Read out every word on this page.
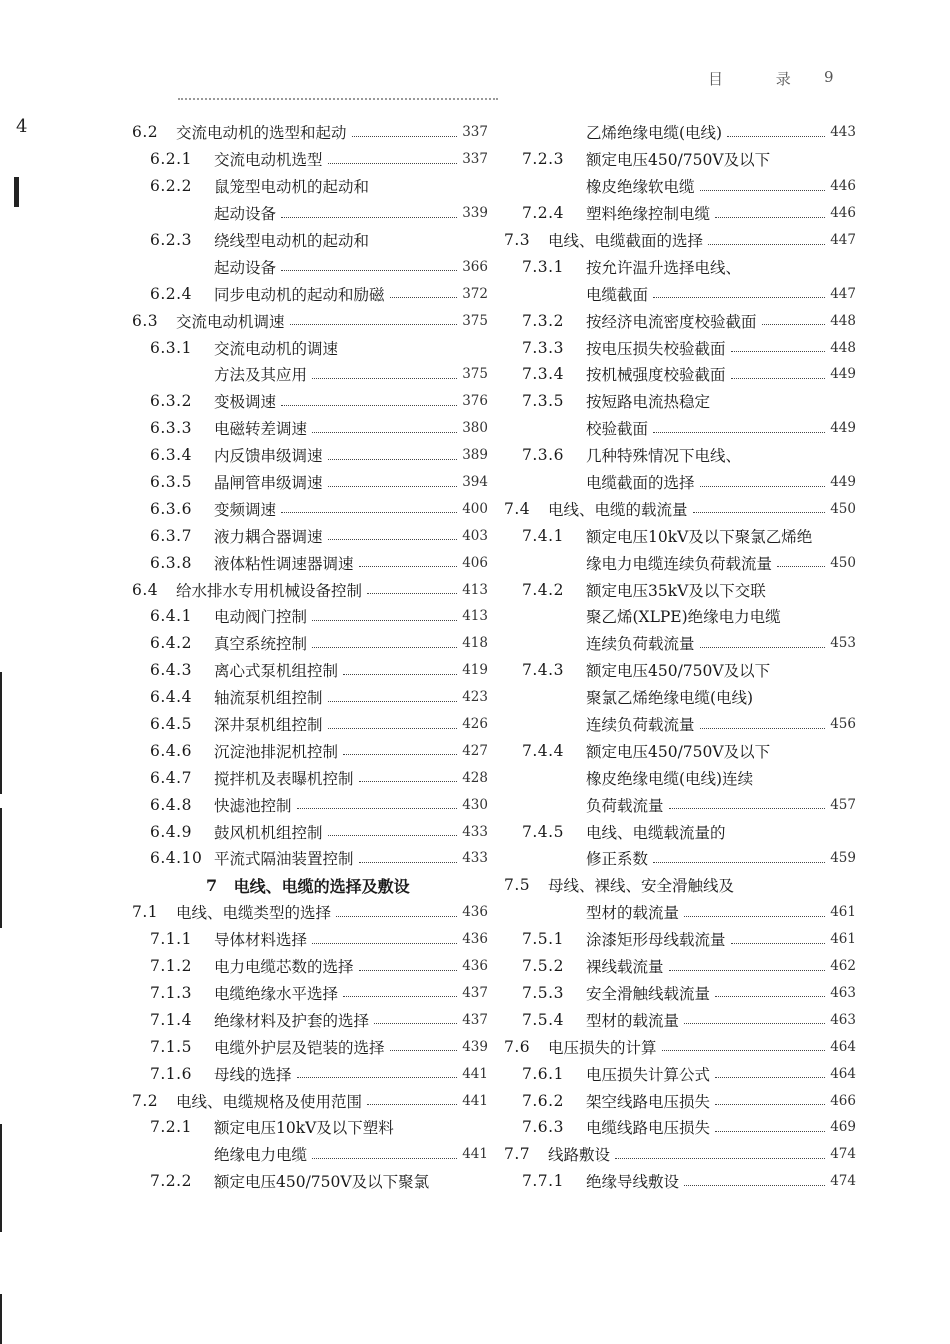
目 录 9
4	6.2	交流电动机的选型和起动	337
6.2.1	交流电动机选型	337
6.2.2	鼠笼型电动机的起动和
起动设备	339
6.2.3	绕线型电动机的起动和
起动设备	366
6.2.4	同步电动机的起动和励磁	372
6.3	交流电动机调速	375
6.3.1	交流电动机的调速
方法及其应用	375
6.3.2	变极调速	376
6.3.3	电磁转差调速	380
6.3.4	内反馈串级调速	389
6.3.5	晶闸管串级调速	394
6.3.6	变频调速	400
6.3.7	液力耦合器调速	403
6.3.8	液体粘性调速器调速	406
6.4	给水排水专用机械设备控制	413
6.4.1	电动阀门控制	413
6.4.2	真空系统控制	418
6.4.3	离心式泵机组控制	419
6.4.4	轴流泵机组控制	423
6.4.5	深井泵机组控制	426
6.4.6	沉淀池排泥机控制	427
6.4.7	搅拌机及表曝机控制	428
6.4.8	快滤池控制	430
6.4.9	鼓风机机组控制	433
6.4.10 平流式隔油装置控制	433
7 电线、电缆的选择及敷设
7.1	电线、电缆类型的选择	436
7.1.1	导体材料选择	436
7.1.2	电力电缆芯数的选择	436
7.1.3	电缆绝缘水平选择	437
7.1.4	绝缘材料及护套的选择	437
7.1.5	电缆外护层及铠装的选择	439
7.1.6	母线的选择	441
7.2	电线、电缆规格及使用范围	441
7.2.1	额定电压10kV及以下塑料
绝缘电力电缆	441
7.2.2	额定电压450/750V及以下聚氯
乙烯绝缘电缆(电线)	443
7.2.3	额定电压450/750V及以下
橡皮绝缘软电缆	446
7.2.4	塑料绝缘控制电缆	446
7.3	电线、电缆截面的选择	447
7.3.1	按允许温升选择电线、
电缆截面	447
7.3.2	按经济电流密度校验截面	448
7.3.3	按电压损失校验截面	448
7.3.4	按机械强度校验截面	449
7.3.5	按短路电流热稳定
校验截面	449
7.3.6	几种特殊情况下电线、
电缆截面的选择	449
7.4	电线、电缆的载流量	450
7.4.1	额定电压10kV及以下聚氯乙烯绝
缘电力电缆连续负荷载流量	450
7.4.2	额定电压35kV及以下交联
聚乙烯(XLPE)绝缘电力电缆
连续负荷载流量	453
7.4.3	额定电压450/750V及以下
聚氯乙烯绝缘电缆(电线)
连续负荷载流量	456
7.4.4	额定电压450/750V及以下
橡皮绝缘电缆(电线)连续
负荷载流量	457
7.4.5	电线、电缆载流量的
修正系数	459
7.5	母线、裸线、安全滑触线及
型材的载流量	461
7.5.1	涂漆矩形母线载流量	461
7.5.2	裸线载流量	462
7.5.3	安全滑触线载流量	463
7.5.4	型材的载流量	463
7.6	电压损失的计算	464
7.6.1	电压损失计算公式	464
7.6.2	架空线路电压损失	466
7.6.3	电缆线路电压损失	469
7.7	线路敷设	474
7.7.1	绝缘导线敷设	474
